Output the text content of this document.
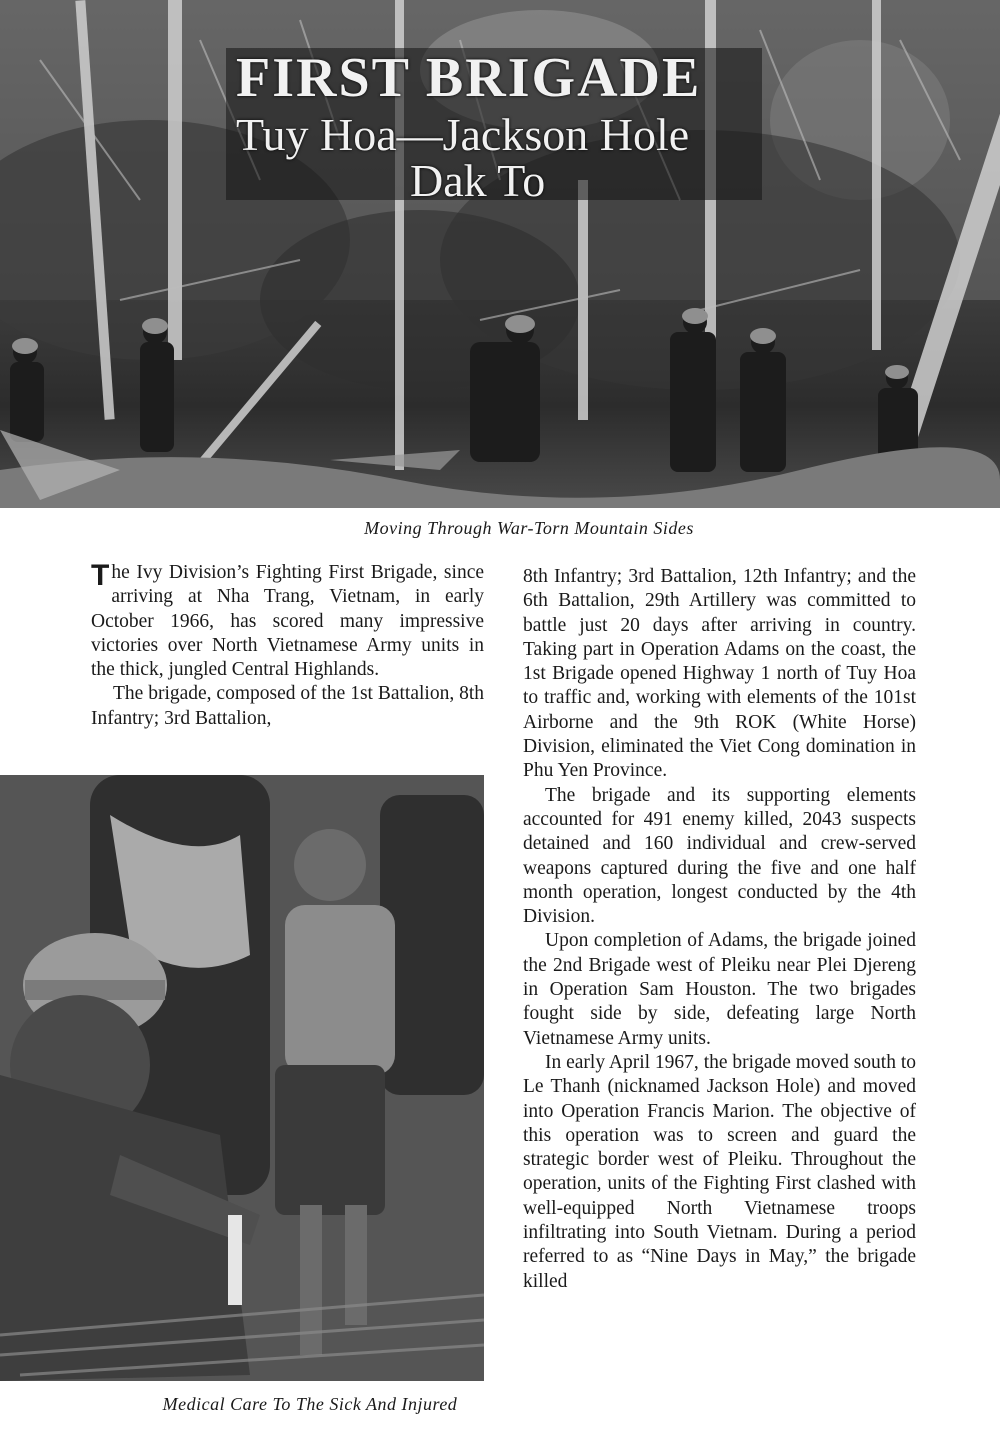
FIRST BRIGADE
Tuy Hoa—Jackson Hole
Dak To
Moving Through War-Torn Mountain Sides

The Ivy Division’s Fighting First Brigade, since arriving at Nha Trang, Vietnam, in early October 1966, has scored many impressive victories over North Vietnamese Army units in the thick, jungled Central Highlands.

The brigade, composed of the 1st Battalion, 8th Infantry; 3rd Battalion,

Medical Care To The Sick And Injured

8th Infantry; 3rd Battalion, 12th Infantry; and the 6th Battalion, 29th Artillery was committed to battle just 20 days after arriving in country. Taking part in Operation Adams on the coast, the 1st Brigade opened Highway 1 north of Tuy Hoa to traffic and, working with elements of the 101st Airborne and the 9th ROK (White Horse) Division, eliminated the Viet Cong domination in Phu Yen Province.

The brigade and its supporting elements accounted for 491 enemy killed, 2043 suspects detained and 160 individual and crew-served weapons captured during the five and one half month operation, longest conducted by the 4th Division.

Upon completion of Adams, the brigade joined the 2nd Brigade west of Pleiku near Plei Djereng in Operation Sam Houston. The two brigades fought side by side, defeating large North Vietnamese Army units.

In early April 1967, the brigade moved south to Le Thanh (nicknamed Jackson Hole) and moved into Operation Francis Marion. The objective of this operation was to screen and guard the strategic border west of Pleiku. Throughout the operation, units of the Fighting First clashed with well-equipped North Vietnamese troops infiltrating into South Vietnam. During a period referred to as “Nine Days in May,” the brigade killed
